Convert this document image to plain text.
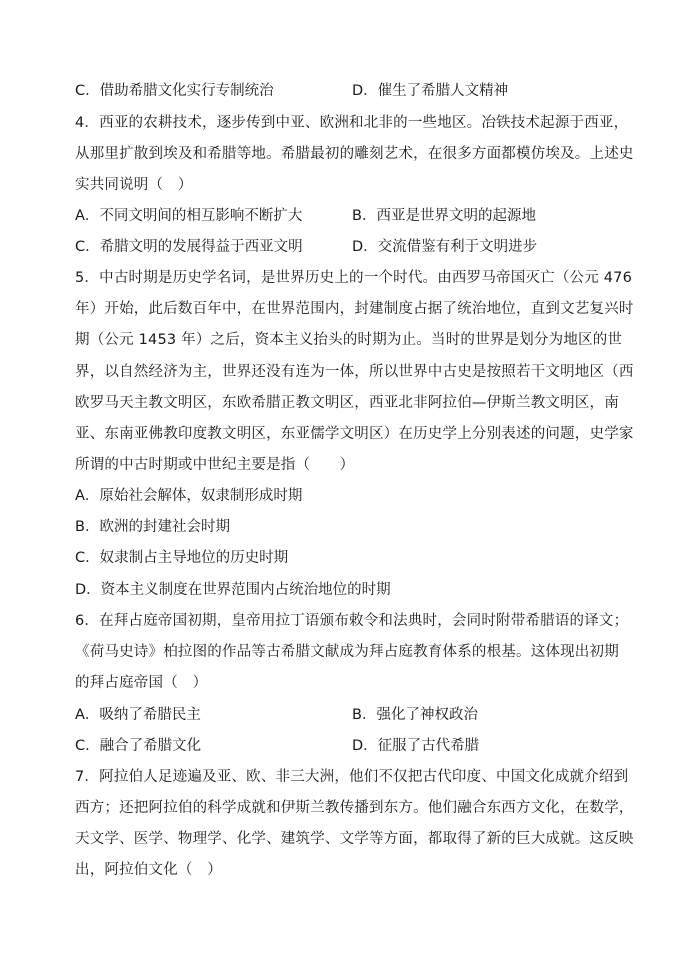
C．借助希腊文化实行专制统治	D．催生了希腊人文精神
4．西亚的农耕技术，逐步传到中亚、欧洲和北非的一些地区。冶铁技术起源于西亚，
从那里扩散到埃及和希腊等地。希腊最初的雕刻艺术，在很多方面都模仿埃及。上述史
实共同说明（　）
A．不同文明间的相互影响不断扩大	B．西亚是世界文明的起源地
C．希腊文明的发展得益于西亚文明	D．交流借鉴有利于文明进步
5．中古时期是历史学名词，是世界历史上的一个时代。由西罗马帝国灭亡（公元 476
年）开始，此后数百年中，在世界范围内，封建制度占据了统治地位，直到文艺复兴时
期（公元 1453 年）之后，资本主义抬头的时期为止。当时的世界是划分为地区的世
界，以自然经济为主，世界还没有连为一体，所以世界中古史是按照若干文明地区（西
欧罗马天主教文明区，东欧希腊正教文明区，西亚北非阿拉伯—伊斯兰教文明区，南
亚、东南亚佛教印度教文明区，东亚儒学文明区）在历史学上分别表述的问题，史学家
所谓的中古时期或中世纪主要是指（　　）
A．原始社会解体，奴隶制形成时期
B．欧洲的封建社会时期
C．奴隶制占主导地位的历史时期
D．资本主义制度在世界范围内占统治地位的时期
6．在拜占庭帝国初期，皇帝用拉丁语颁布敕令和法典时，会同时附带希腊语的译文；
《荷马史诗》柏拉图的作品等古希腊文献成为拜占庭教育体系的根基。这体现出初期
的拜占庭帝国（　）
A．吸纳了希腊民主	B．强化了神权政治
C．融合了希腊文化	D．征服了古代希腊
7．阿拉伯人足迹遍及亚、欧、非三大洲，他们不仅把古代印度、中国文化成就介绍到
西方；还把阿拉伯的科学成就和伊斯兰教传播到东方。他们融合东西方文化，在数学，
天文学、医学、物理学、化学、建筑学、文学等方面，都取得了新的巨大成就。这反映
出，阿拉伯文化（　）
